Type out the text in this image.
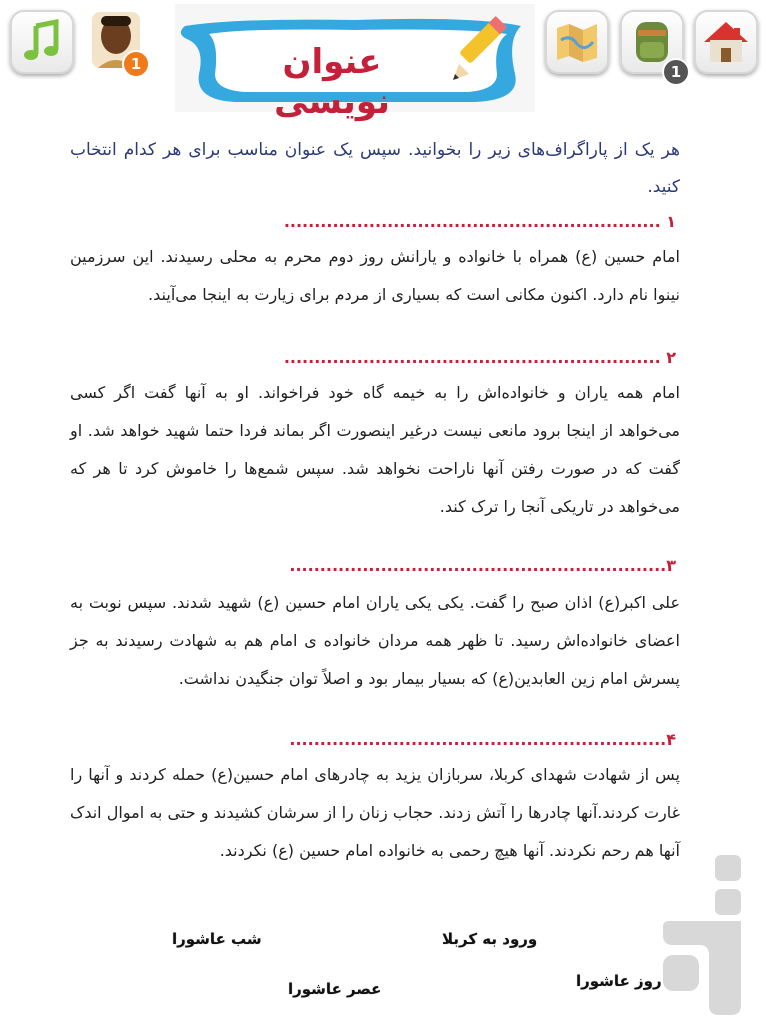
1	عنوان نویسی
1
هر یک از پاراگراف‌های زیر را بخوانید. سپس یک عنوان مناسب برای هر کدام انتخاب کنید.
۱ ..............................................................
امام حسین (ع) همراه با خانواده و یارانش روز دوم محرم به محلی رسیدند. این سرزمین نینوا نام دارد. اکنون مکانی است که بسیاری از مردم برای زیارت به اینجا می‌آیند.
۲ ..............................................................
امام همه یاران و خانواده‌اش را به خیمه گاه خود فراخواند. او به آنها گفت اگر کسی می‌خواهد از اینجا برود مانعی نیست درغیر اینصورت اگر بماند فردا حتما شهید خواهد شد. او گفت که در صورت رفتن آنها ناراحت نخواهد شد. سپس شمع‌ها را خاموش کرد تا هر که می‌خواهد در تاریکی آنجا را ترک کند.
۳..............................................................
علی اکبر(ع) اذان صبح را گفت. یکی یکی یاران امام حسین (ع) شهید شدند. سپس نوبت به اعضای خانواده‌اش رسید. تا ظهر همه مردان خانواده ی امام هم به شهادت رسیدند به جز پسرش امام زین العابدین(ع) که بسیار بیمار بود و اصلاً توان جنگیدن نداشت.
۴..............................................................
پس از شهادت شهدای کربلا، سربازان یزید به چادرهای امام حسین(ع) حمله کردند و آنها را غارت کردند.آنها چادرها را آتش زدند. حجاب زنان را از سرشان کشیدند و حتی به اموال اندک آنها هم رحم نکردند. آنها هیچ رحمی به خانواده امام حسین (ع) نکردند.
شب عاشورا	ورود به کربلا
عصر عاشورا	روز عاشورا
